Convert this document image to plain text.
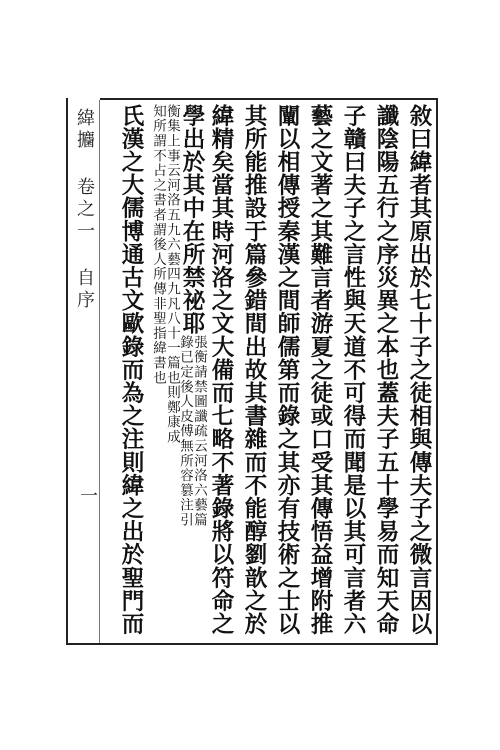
緯攟 卷之一 自序
一	敘曰緯者其原出於七十子之徒相與傳夫子之微言因以
讖陰陽五行之序災異之本也蓋夫子五十學易而知天命
子贛曰夫子之言性與天道不可得而聞是以其可言者六
藝之文著之其難言者游夏之徒或口受其傳悟益增附推
闡以相傳授秦漢之間師儒第而錄之其亦有技術之士以
其所能推設于篇參錯間出故其書雜而不能醇劉歆之於
緯精矣當其時河洛之文大備而七略不著錄將以符命之
學出於其中在所禁祕耶
張衡請禁圖讖疏云河洛六藝篇
錄已定後人皮傅無所容篡注引
衡集上事云河洛五九六藝四九凡八十一篇也則鄭康成
知所謂不占之書者謂後人所傳非聖指緯書也
氏漢之大儒博通古文歐錄而為之注則緯之出於聖門而
